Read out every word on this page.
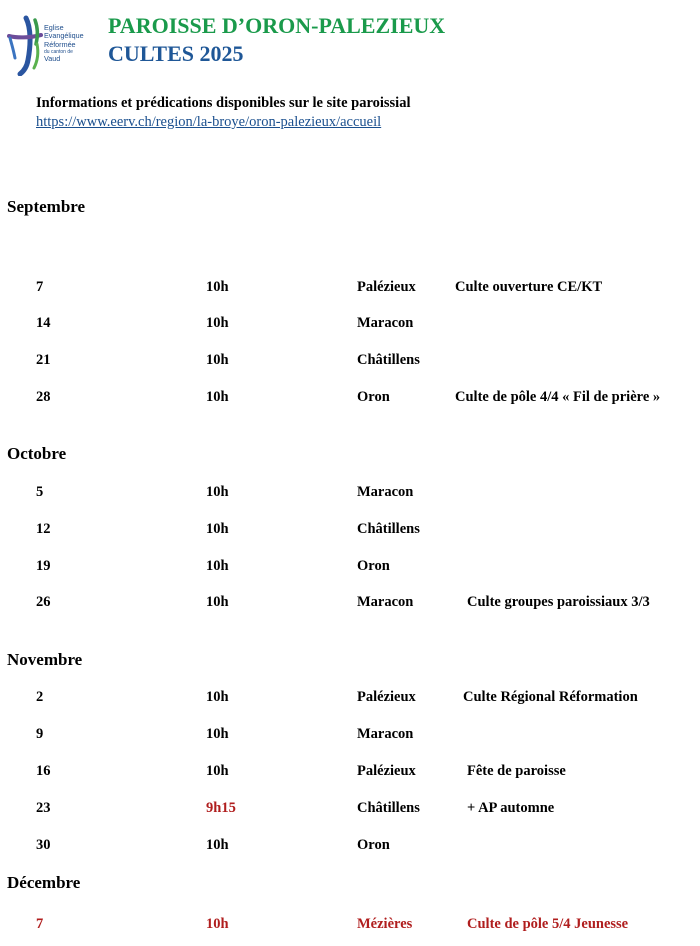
Eglise
Evangélique
Réformée
du canton de
Vaud
PAROISSE D’ORON-PALEZIEUX
CULTES 2025
Informations et prédications disponibles sur le site paroissial
https://www.eerv.ch/region/la-broye/oron-palezieux/accueil
Septembre
7	10h	Palézieux	Culte ouverture CE/KT
14	10h	Maracon
21	10h	Châtillens
28	10h	Oron	Culte de pôle 4/4 « Fil de prière »
Octobre
5	10h	Maracon
12	10h	Châtillens
19	10h	Oron
26	10h	Maracon	Culte groupes paroissiaux 3/3
Novembre
2	10h	Palézieux	Culte Régional Réformation
9	10h	Maracon
16	10h	Palézieux	Fête de paroisse
23	9h15	Châtillens	+ AP automne
30	10h	Oron
Décembre
7	10h	Mézières	Culte de pôle 5/4 Jeunesse
